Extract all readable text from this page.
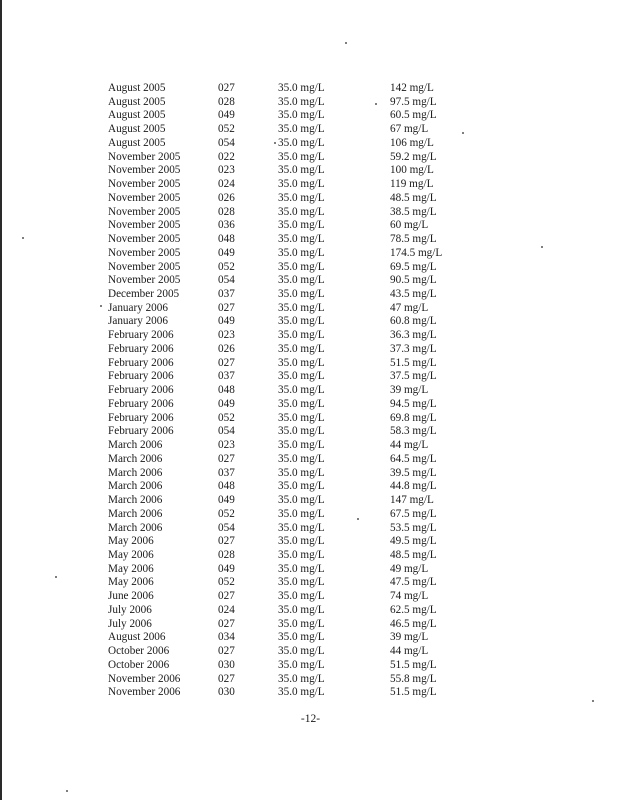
August 2005	027	35.0 mg/L	142 mg/L
August 2005	028	35.0 mg/L	97.5 mg/L
August 2005	049	35.0 mg/L	60.5 mg/L
August 2005	052	35.0 mg/L	67 mg/L
August 2005	054	35.0 mg/L	106 mg/L
November 2005	022	35.0 mg/L	59.2 mg/L
November 2005	023	35.0 mg/L	100 mg/L
November 2005	024	35.0 mg/L	119 mg/L
November 2005	026	35.0 mg/L	48.5 mg/L
November 2005	028	35.0 mg/L	38.5 mg/L
November 2005	036	35.0 mg/L	60 mg/L
November 2005	048	35.0 mg/L	78.5 mg/L
November 2005	049	35.0 mg/L	174.5 mg/L
November 2005	052	35.0 mg/L	69.5 mg/L
November 2005	054	35.0 mg/L	90.5 mg/L
December 2005	037	35.0 mg/L	43.5 mg/L
January 2006	027	35.0 mg/L	47 mg/L
January 2006	049	35.0 mg/L	60.8 mg/L
February 2006	023	35.0 mg/L	36.3 mg/L
February 2006	026	35.0 mg/L	37.3 mg/L
February 2006	027	35.0 mg/L	51.5 mg/L
February 2006	037	35.0 mg/L	37.5 mg/L
February 2006	048	35.0 mg/L	39 mg/L
February 2006	049	35.0 mg/L	94.5 mg/L
February 2006	052	35.0 mg/L	69.8 mg/L
February 2006	054	35.0 mg/L	58.3 mg/L
March 2006	023	35.0 mg/L	44 mg/L
March 2006	027	35.0 mg/L	64.5 mg/L
March 2006	037	35.0 mg/L	39.5 mg/L
March 2006	048	35.0 mg/L	44.8 mg/L
March 2006	049	35.0 mg/L	147 mg/L
March 2006	052	35.0 mg/L	67.5 mg/L
March 2006	054	35.0 mg/L	53.5 mg/L
May 2006	027	35.0 mg/L	49.5 mg/L
May 2006	028	35.0 mg/L	48.5 mg/L
May 2006	049	35.0 mg/L	49 mg/L
May 2006	052	35.0 mg/L	47.5 mg/L
June 2006	027	35.0 mg/L	74 mg/L
July 2006	024	35.0 mg/L	62.5 mg/L
July 2006	027	35.0 mg/L	46.5 mg/L
August 2006	034	35.0 mg/L	39 mg/L
October 2006	027	35.0 mg/L	44 mg/L
October 2006	030	35.0 mg/L	51.5 mg/L
November 2006	027	35.0 mg/L	55.8 mg/L
November 2006	030	35.0 mg/L	51.5 mg/L
-12-
